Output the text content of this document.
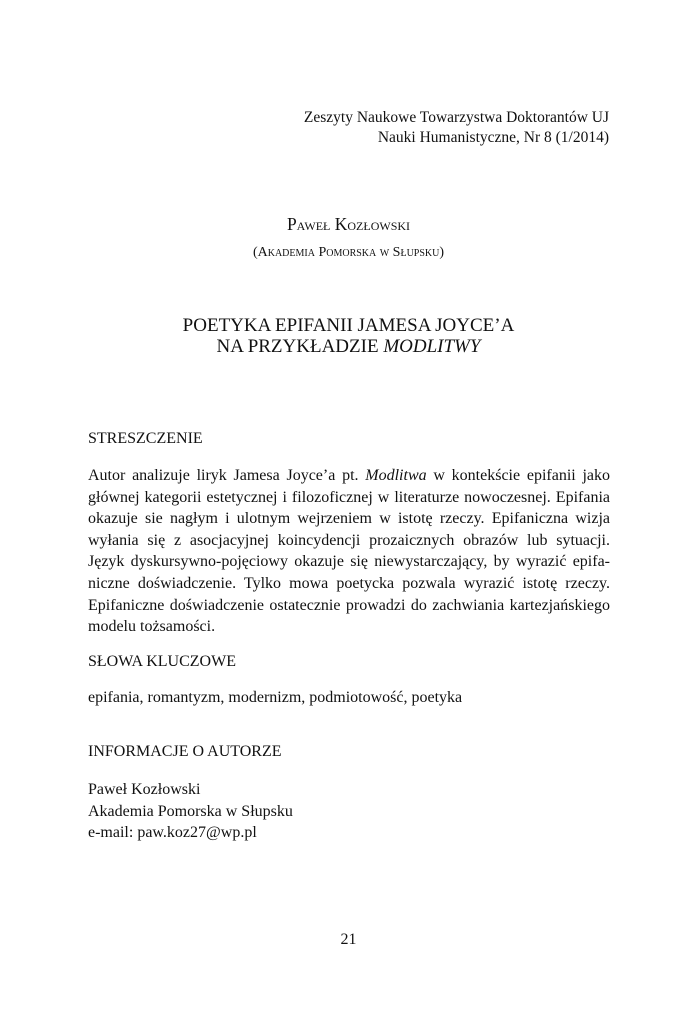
Zeszyty Naukowe Towarzystwa Doktorantów UJ
Nauki Humanistyczne, Nr 8 (1/2014)
Paweł Kozłowski
(Akademia Pomorska w Słupsku)
POETYKA EPIFANII JAMESA JOYCE’A
NA PRZYKŁADZIE MODLITWY
STRESZCZENIE
Autor analizuje liryk Jamesa Joyce’a pt. Modlitwa w kontekście epifanii jako
głównej kategorii estetycznej i filozoficznej w literaturze nowoczesnej. Epifania
okazuje sie nagłym i ulotnym wejrzeniem w istotę rzeczy. Epifaniczna wizja
wyłania się z asocjacyjnej koincydencji prozaicznych obrazów lub sytuacji.
Język dyskursywno-pojęciowy okazuje się niewystarczający, by wyrazić epifa-
niczne doświadczenie. Tylko mowa poetycka pozwala wyrazić istotę rzeczy.
Epifaniczne doświadczenie ostatecznie prowadzi do zachwiania kartezjańskiego
modelu tożsamości.
SŁOWA KLUCZOWE
epifania, romantyzm, modernizm, podmiotowość, poetyka
INFORMACJE O AUTORZE
Paweł Kozłowski
Akademia Pomorska w Słupsku
e-mail: paw.koz27@wp.pl
21
